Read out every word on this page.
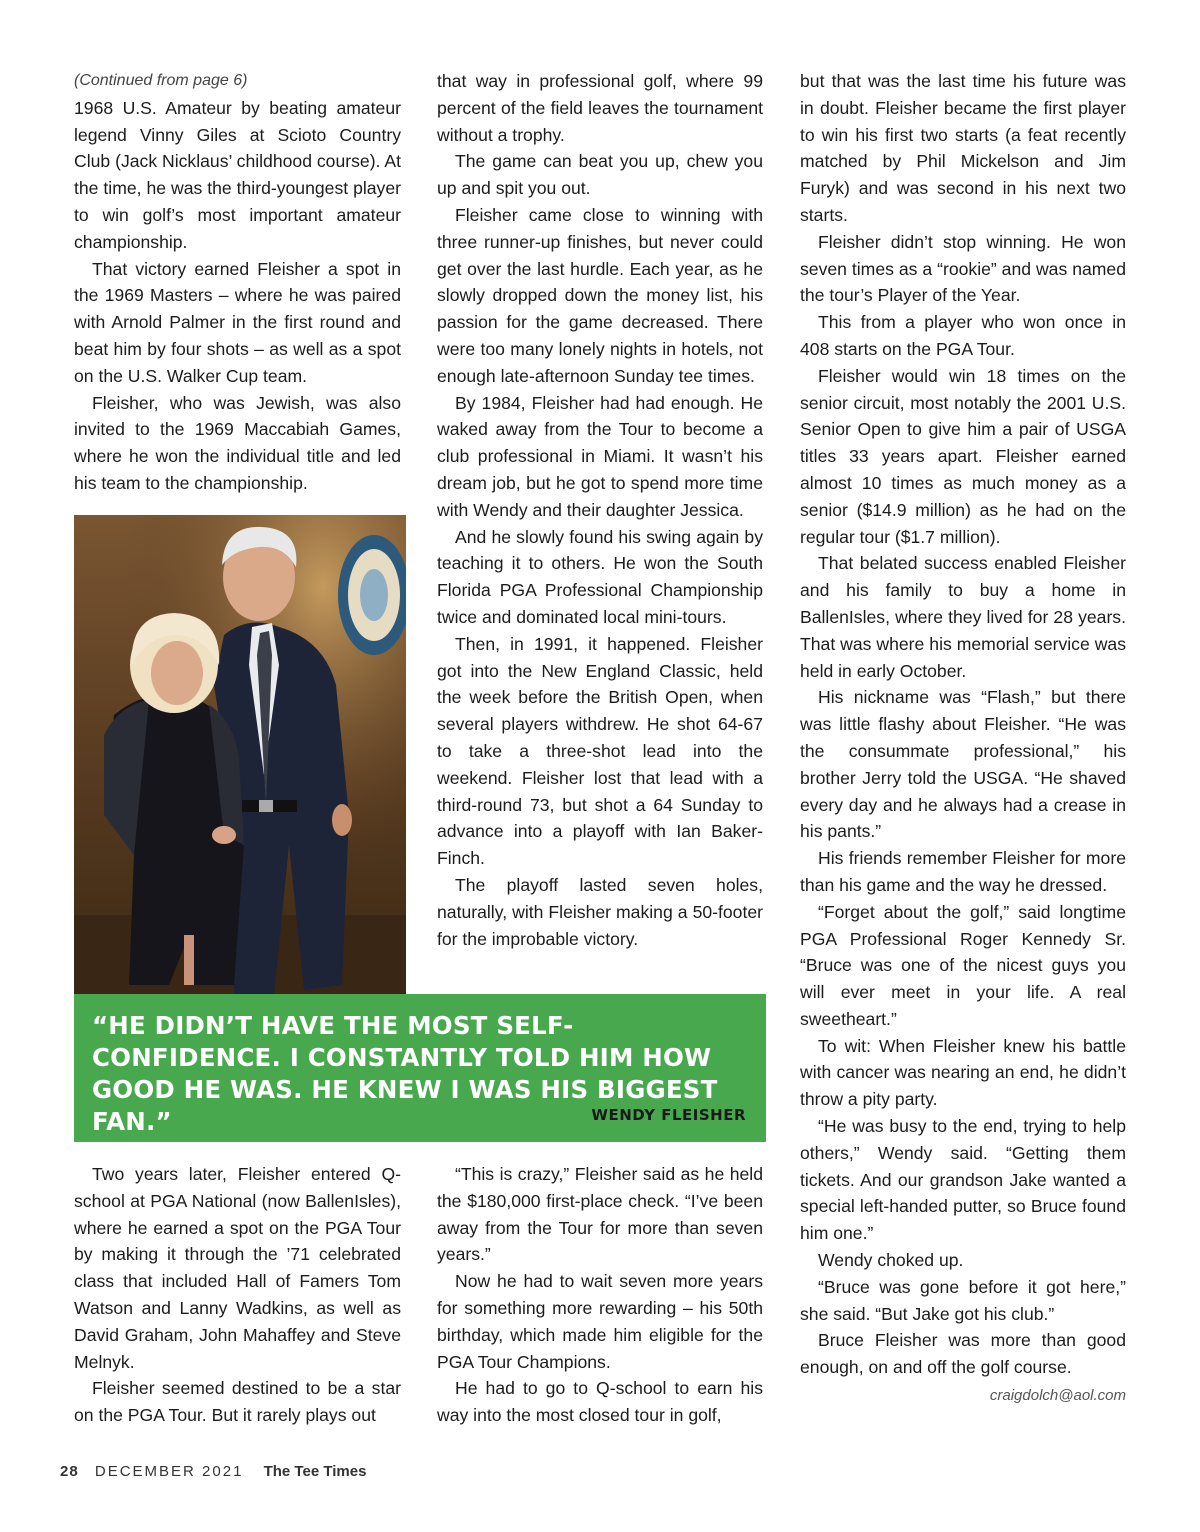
(Continued from page 6)

1968 U.S. Amateur by beating amateur legend Vinny Giles at Scioto Country Club (Jack Nicklaus’ childhood course). At the time, he was the third-youngest player to win golf’s most important amateur championship.

That victory earned Fleisher a spot in the 1969 Masters – where he was paired with Arnold Palmer in the first round and beat him by four shots – as well as a spot on the U.S. Walker Cup team.

Fleisher, who was Jewish, was also invited to the 1969 Maccabiah Games, where he won the individual title and led his team to the championship.

that way in professional golf, where 99 percent of the field leaves the tournament without a trophy.

The game can beat you up, chew you up and spit you out.

Fleisher came close to winning with three runner-up finishes, but never could get over the last hurdle. Each year, as he slowly dropped down the money list, his passion for the game decreased. There were too many lonely nights in hotels, not enough late-afternoon Sunday tee times.

By 1984, Fleisher had had enough. He waked away from the Tour to become a club professional in Miami. It wasn’t his dream job, but he got to spend more time with Wendy and their daughter Jessica.

And he slowly found his swing again by teaching it to others. He won the South Florida PGA Professional Championship twice and dominated local mini-tours.

Then, in 1991, it happened. Fleisher got into the New England Classic, held the week before the British Open, when several players withdrew. He shot 64-67 to take a three-shot lead into the weekend. Fleisher lost that lead with a third-round 73, but shot a 64 Sunday to advance into a playoff with Ian Baker-Finch.

The playoff lasted seven holes, naturally, with Fleisher making a 50-footer for the improbable victory.

“HE DIDN’T HAVE THE MOST SELF-CONFIDENCE. I CONSTANTLY TOLD HIM HOW GOOD HE WAS. HE KNEW I WAS HIS BIGGEST FAN.”	WENDY FLEISHER

Two years later, Fleisher entered Q-school at PGA National (now BallenIsles), where he earned a spot on the PGA Tour by making it through the ’71 celebrated class that included Hall of Famers Tom Watson and Lanny Wadkins, as well as David Graham, John Mahaffey and Steve Melnyk.

Fleisher seemed destined to be a star on the PGA Tour. But it rarely plays out

“This is crazy,” Fleisher said as he held the $180,000 first-place check. “I’ve been away from the Tour for more than seven years.”

Now he had to wait seven more years for something more rewarding – his 50th birthday, which made him eligible for the PGA Tour Champions.

He had to go to Q-school to earn his way into the most closed tour in golf,

but that was the last time his future was in doubt. Fleisher became the first player to win his first two starts (a feat recently matched by Phil Mickelson and Jim Furyk) and was second in his next two starts.

Fleisher didn’t stop winning. He won seven times as a “rookie” and was named the tour’s Player of the Year.

This from a player who won once in 408 starts on the PGA Tour.

Fleisher would win 18 times on the senior circuit, most notably the 2001 U.S. Senior Open to give him a pair of USGA titles 33 years apart. Fleisher earned almost 10 times as much money as a senior ($14.9 million) as he had on the regular tour ($1.7 million).

That belated success enabled Fleisher and his family to buy a home in BallenIsles, where they lived for 28 years. That was where his memorial service was held in early October.

His nickname was “Flash,” but there was little flashy about Fleisher. “He was the consummate professional,” his brother Jerry told the USGA. “He shaved every day and he always had a crease in his pants.”

His friends remember Fleisher for more than his game and the way he dressed.

“Forget about the golf,” said longtime PGA Professional Roger Kennedy Sr. “Bruce was one of the nicest guys you will ever meet in your life. A real sweetheart.”

To wit: When Fleisher knew his battle with cancer was nearing an end, he didn’t throw a pity party.

“He was busy to the end, trying to help others,” Wendy said. “Getting them tickets. And our grandson Jake wanted a special left-handed putter, so Bruce found him one.”

Wendy choked up.

“Bruce was gone before it got here,” she said. “But Jake got his club.”

Bruce Fleisher was more than good enough, on and off the golf course.

craigdolch@aol.com

28 DECEMBER 2021 The Tee Times
